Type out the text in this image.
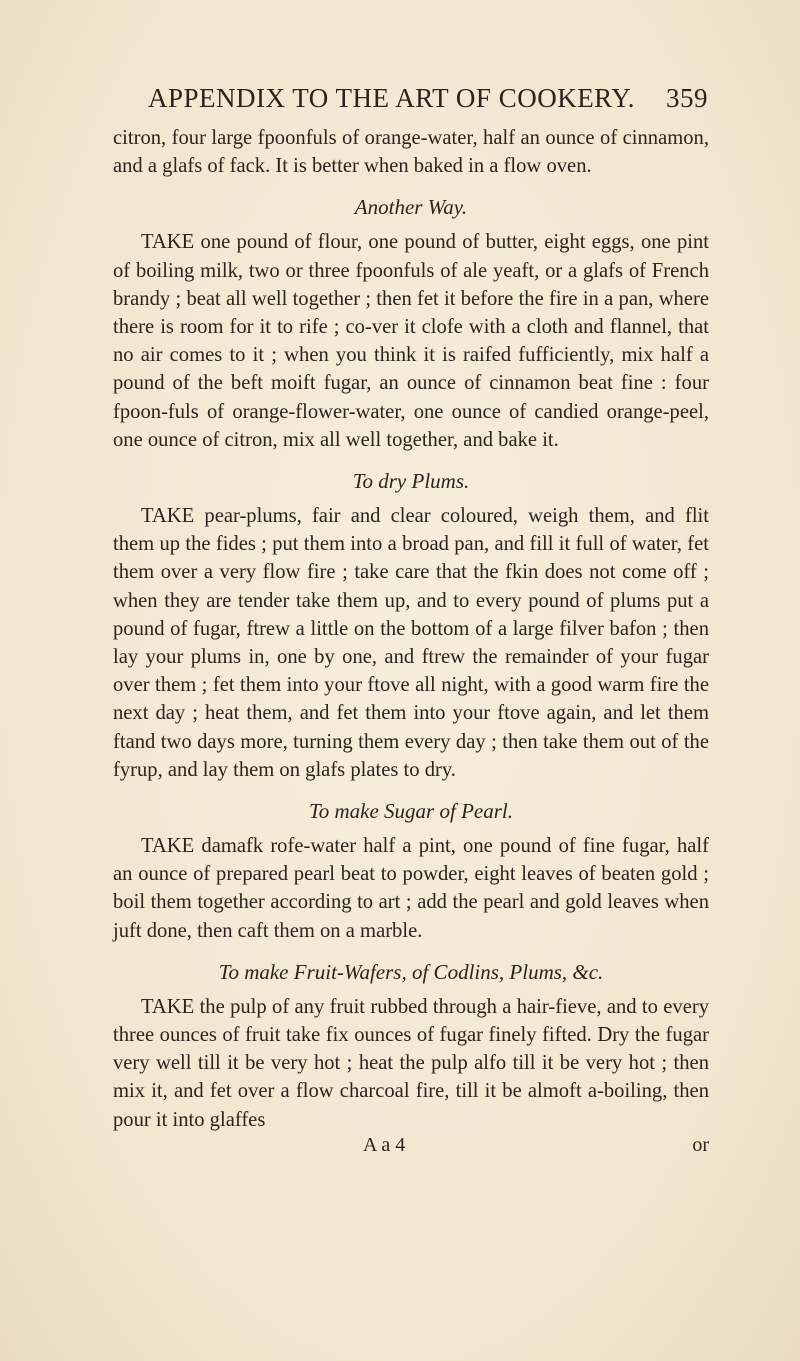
APPENDIX TO THE ART OF COOKERY. 359

citron, four large fpoonfuls of orange-water, half an ounce of cinnamon, and a glafs of fack. It is better when baked in a flow oven.

Another Way.

TAKE one pound of flour, one pound of butter, eight eggs, one pint of boiling milk, two or three fpoonfuls of ale yeaft, or a glafs of French brandy ; beat all well together ; then fet it before the fire in a pan, where there is room for it to rife ; co-ver it clofe with a cloth and flannel, that no air comes to it ; when you think it is raifed fufficiently, mix half a pound of the beft moift fugar, an ounce of cinnamon beat fine : four fpoon-fuls of orange-flower-water, one ounce of candied orange-peel, one ounce of citron, mix all well together, and bake it.

To dry Plums.

TAKE pear-plums, fair and clear coloured, weigh them, and flit them up the fides ; put them into a broad pan, and fill it full of water, fet them over a very flow fire ; take care that the fkin does not come off ; when they are tender take them up, and to every pound of plums put a pound of fugar, ftrew a little on the bottom of a large filver bafon ; then lay your plums in, one by one, and ftrew the remainder of your fugar over them ; fet them into your ftove all night, with a good warm fire the next day ; heat them, and fet them into your ftove again, and let them ftand two days more, turning them every day ; then take them out of the fyrup, and lay them on glafs plates to dry.

To make Sugar of Pearl.

TAKE damafk rofe-water half a pint, one pound of fine fugar, half an ounce of prepared pearl beat to powder, eight leaves of beaten gold ; boil them together according to art ; add the pearl and gold leaves when juft done, then caft them on a marble.

To make Fruit-Wafers, of Codlins, Plums, &c.

TAKE the pulp of any fruit rubbed through a hair-fieve, and to every three ounces of fruit take fix ounces of fugar finely fifted. Dry the fugar very well till it be very hot ; heat the pulp alfo till it be very hot ; then mix it, and fet over a flow charcoal fire, till it be almoft a-boiling, then pour it into glaffes

A a 4	or
